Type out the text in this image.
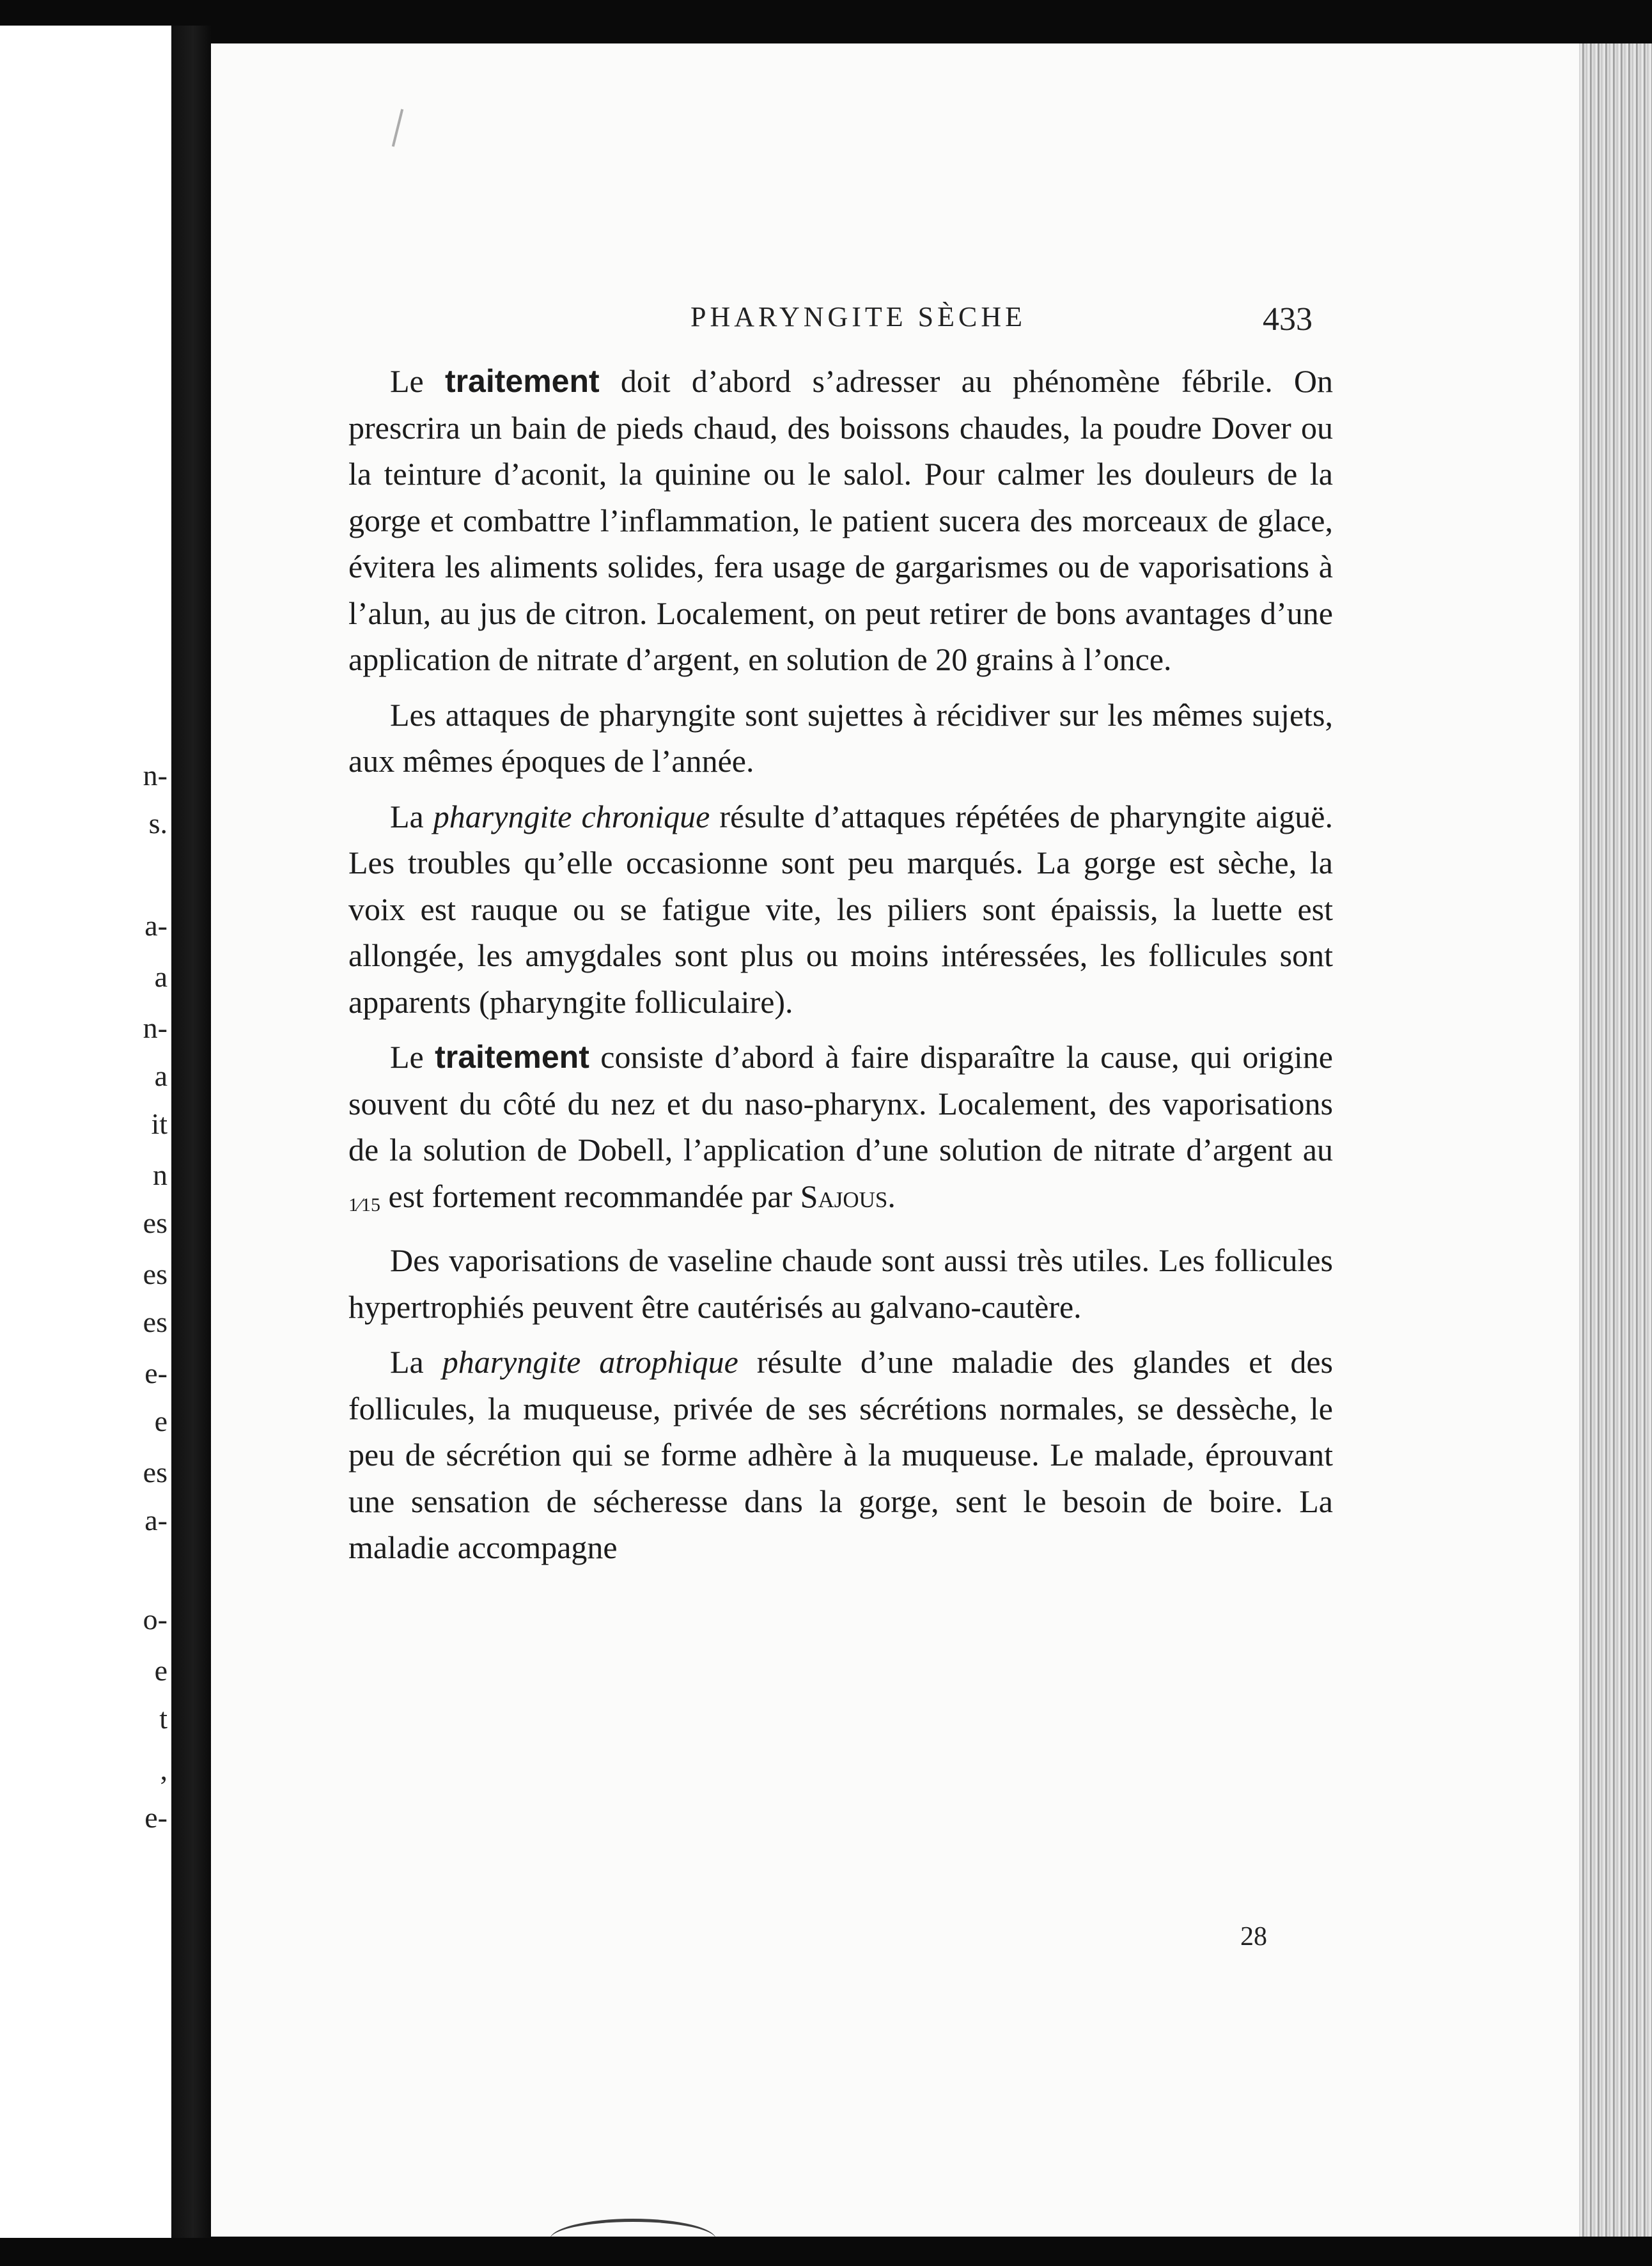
n-
s.
a-
a
n-
a
it
n
es
es
es
e-
e
es
a-
o-
e
t
,
e-
PHARYNGITE SÈCHE	433

Le traitement doit d’abord s’adresser au phénomène fébrile. On prescrira un bain de pieds chaud, des boissons chaudes, la poudre Dover ou la teinture d’aconit, la quinine ou le salol. Pour calmer les douleurs de la gorge et combattre l’inflammation, le patient sucera des morceaux de glace, évitera les aliments solides, fera usage de gargarismes ou de vaporisations à l’alun, au jus de citron. Localement, on peut retirer de bons avantages d’une application de nitrate d’argent, en solution de 20 grains à l’once.

Les attaques de pharyngite sont sujettes à récidiver sur les mêmes sujets, aux mêmes époques de l’année.

La pharyngite chronique résulte d’attaques répétées de pharyngite aiguë. Les troubles qu’elle occasionne sont peu marqués. La gorge est sèche, la voix est rauque ou se fatigue vite, les piliers sont épaissis, la luette est allongée, les amygdales sont plus ou moins intéressées, les follicules sont apparents (pharyngite folliculaire).

Le traitement consiste d’abord à faire disparaître la cause, qui origine souvent du côté du nez et du naso-pharynx. Localement, des vaporisations de la solution de Dobell, l’application d’une solution de nitrate d’argent au 1⁄15 est fortement recommandée par Sajous.

Des vaporisations de vaseline chaude sont aussi très utiles. Les follicules hypertrophiés peuvent être cautérisés au galvano-cautère.

La pharyngite atrophique résulte d’une maladie des glandes et des follicules, la muqueuse, privée de ses sécrétions normales, se dessèche, le peu de sécrétion qui se forme adhère à la muqueuse. Le malade, éprouvant une sensation de sécheresse dans la gorge, sent le besoin de boire. La maladie accompagne

28
